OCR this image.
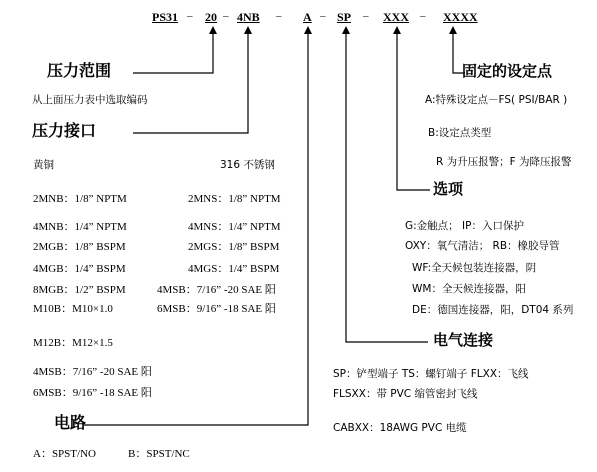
PS31 – 20 – 4NB – A – SP – XXX – XXXX
压力范围
从上面压力表中选取编码
压力接口
黄铜	316 不锈钢
2MNB：1/8” NPTM	2MNS：1/8” NPTM
4MNB：1/4” NPTM	4MNS：1/4” NPTM
2MGB：1/8” BSPM	2MGS：1/8” BSPM
4MGB：1/4” BSPM	4MGS：1/4” BSPM
8MGB：1/2” BSPM	4MSB：7/16” -20 SAE 阳
M10B：M10×1.0	6MSB：9/16” -18 SAE 阳
M12B：M12×1.5
4MSB：7/16” -20 SAE 阳
6MSB：9/16” -18 SAE 阳
电路
A：SPST/NO	B：SPST/NC
固定的设定点
A:特殊设定点－FS( PSI/BAR )
B:设定点类型
R 为升压报警；F 为降压报警
选项
G:金触点； IP：入口保护
OXY：氧气清洁； RB：橡胶导管
WF:全天候包装连接器，阴
WM：全天候连接器，阳
DE：德国连接器，阳，DT04 系列
电气连接
SP：铲型端子 TS：螺钉端子 FLXX：飞线
FLSXX：带 PVC 缩管密封飞线
CABXX：18AWG PVC 电缆
